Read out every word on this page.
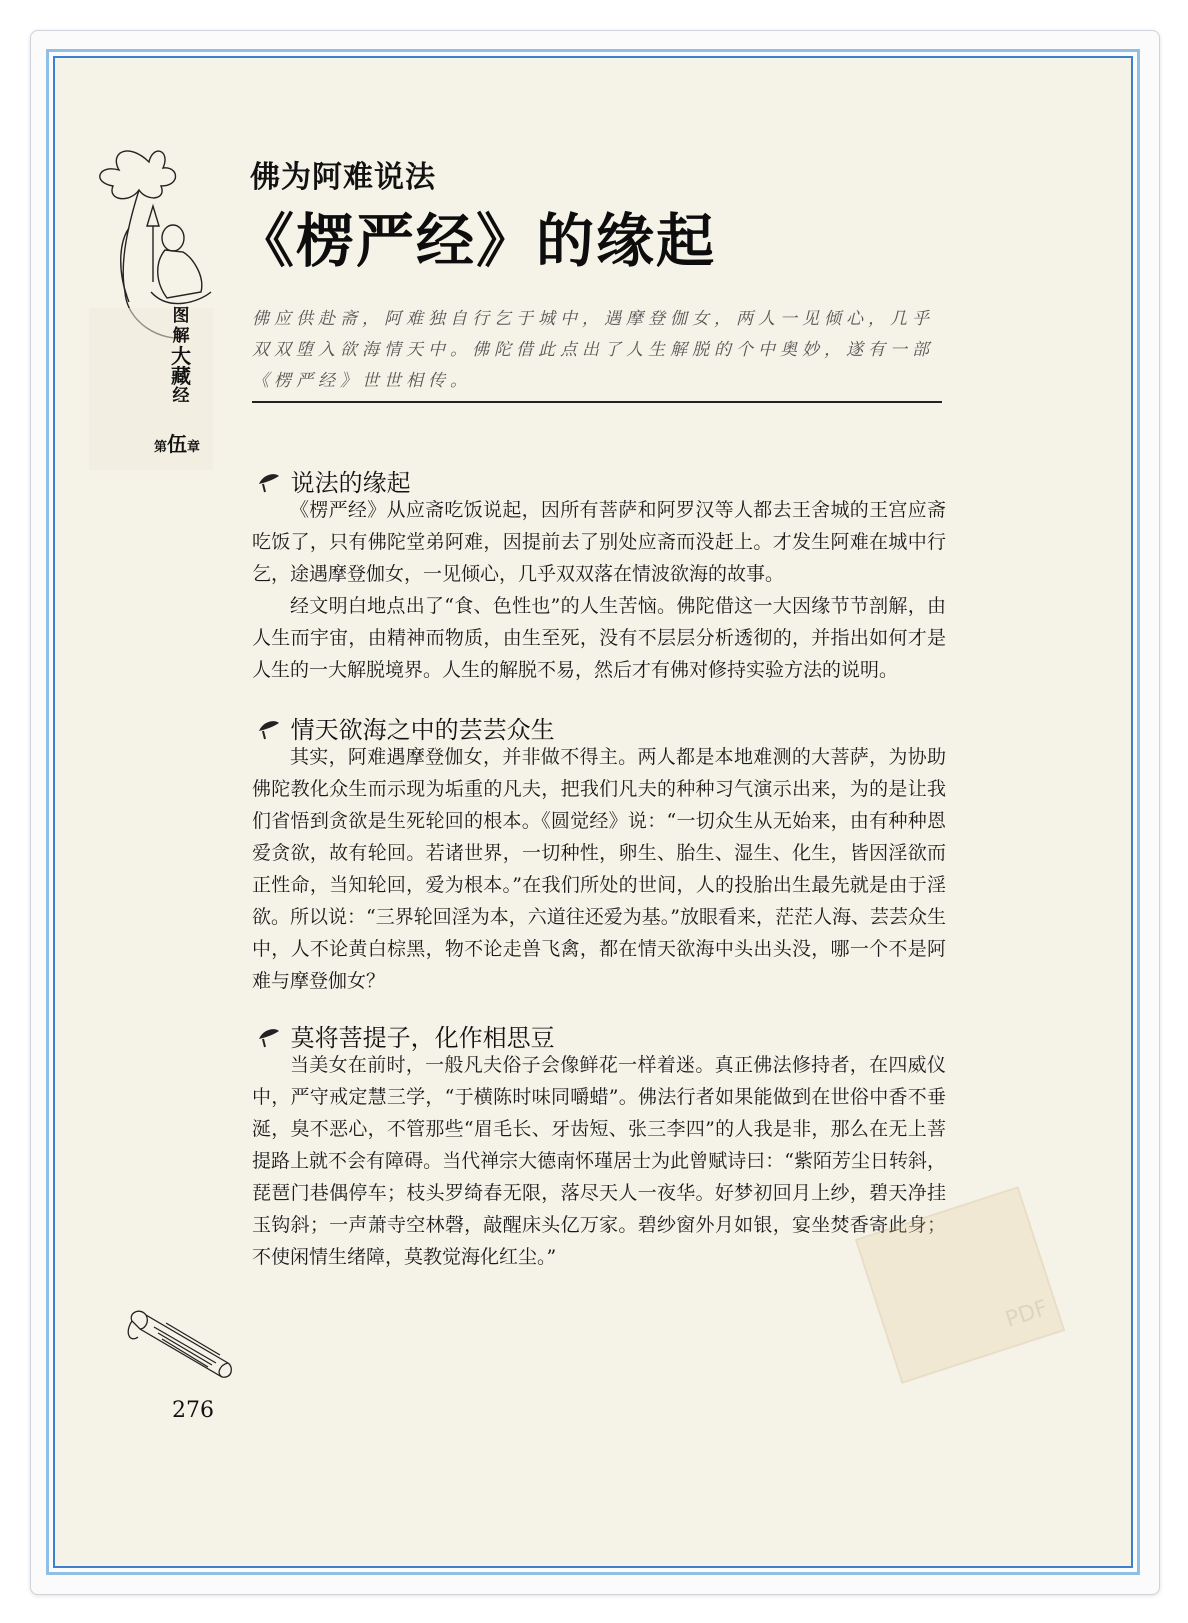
图
解
大
藏
经
第伍章
佛为阿难说法
《楞严经》的缘起
佛应供赴斋，阿难独自行乞于城中，遇摩登伽女，两人一见倾心，几乎双双堕入欲海情天中。佛陀借此点出了人生解脱的个中奥妙，遂有一部《楞严经》世世相传。
说法的缘起

《楞严经》从应斋吃饭说起，因所有菩萨和阿罗汉等人都去王舍城的王宫应斋吃饭了，只有佛陀堂弟阿难，因提前去了别处应斋而没赶上。才发生阿难在城中行乞，途遇摩登伽女，一见倾心，几乎双双落在情波欲海的故事。

经文明白地点出了“食、色性也”的人生苦恼。佛陀借这一大因缘节节剖解，由人生而宇宙，由精神而物质，由生至死，没有不层层分析透彻的，并指出如何才是人生的一大解脱境界。人生的解脱不易，然后才有佛对修持实验方法的说明。

情天欲海之中的芸芸众生

其实，阿难遇摩登伽女，并非做不得主。两人都是本地难测的大菩萨，为协助佛陀教化众生而示现为垢重的凡夫，把我们凡夫的种种习气演示出来，为的是让我们省悟到贪欲是生死轮回的根本。《圆觉经》说：“一切众生从无始来，由有种种恩爱贪欲，故有轮回。若诸世界，一切种性，卵生、胎生、湿生、化生，皆因淫欲而正性命，当知轮回，爱为根本。”在我们所处的世间，人的投胎出生最先就是由于淫欲。所以说：“三界轮回淫为本，六道往还爱为基。”放眼看来，茫茫人海、芸芸众生中，人不论黄白棕黑，物不论走兽飞禽，都在情天欲海中头出头没，哪一个不是阿难与摩登伽女？

莫将菩提子，化作相思豆

当美女在前时，一般凡夫俗子会像鲜花一样着迷。真正佛法修持者，在四威仪中，严守戒定慧三学，“于横陈时味同嚼蜡”。佛法行者如果能做到在世俗中香不垂涎，臭不恶心，不管那些“眉毛长、牙齿短、张三李四”的人我是非，那么在无上菩提路上就不会有障碍。当代禅宗大德南怀瑾居士为此曾赋诗曰：“紫陌芳尘日转斜，琵琶门巷偶停车；枝头罗绮春无限，落尽天人一夜华。好梦初回月上纱，碧天净挂玉钩斜；一声萧寺空林磬，敲醒床头亿万家。碧纱窗外月如银，宴坐焚香寄此身；不使闲情生绪障，莫教觉海化红尘。”

PDF
276
